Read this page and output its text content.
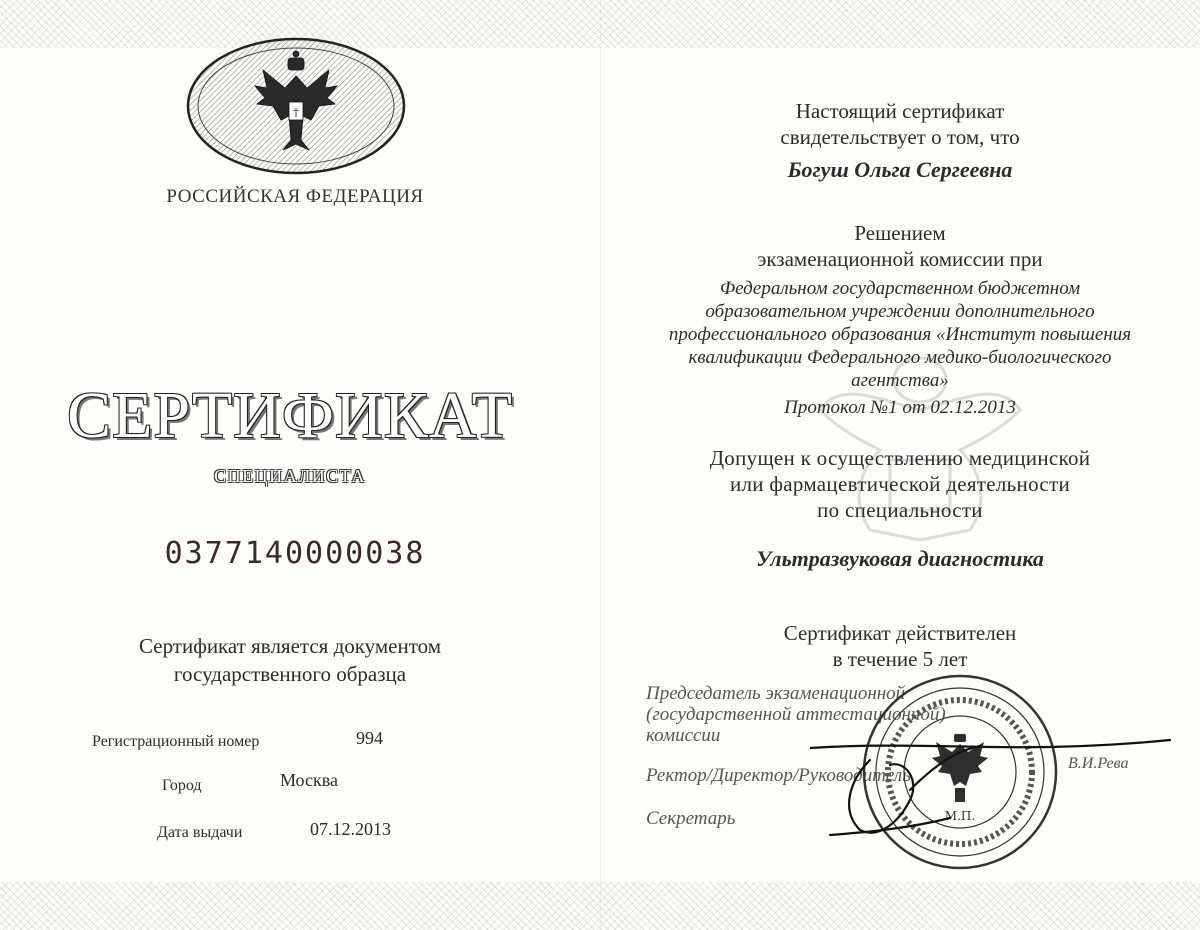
†
РОССИЙСКАЯ ФЕДЕРАЦИЯ
СЕРТИФИКАТ
СПЕЦИАЛИСТА
0377140000038
Сертификат является документом
государственного образца
Регистрационный номер	994
Город	Москва
Дата выдачи	07.12.2013
Настоящий сертификат
свидетельствует о том, что
Богуш Ольга Сергеевна
Решением
экзаменационной комиссии при
Федеральном государственном бюджетном
образовательном учреждении дополнительного
профессионального образования «Институт повышения
квалификации Федерального медико-биологического
агентства»
Протокол №1 от 02.12.2013
Допущен к осуществлению медицинской
или фармацевтической деятельности
по специальности
Ультразвуковая диагностика
Сертификат действителен
в течение 5 лет
Председатель экзаменационной
(государственной аттестационной)
комиссии
Ректор/Директор/Руководитель
В.И.Рева
Секретарь	М.П.
